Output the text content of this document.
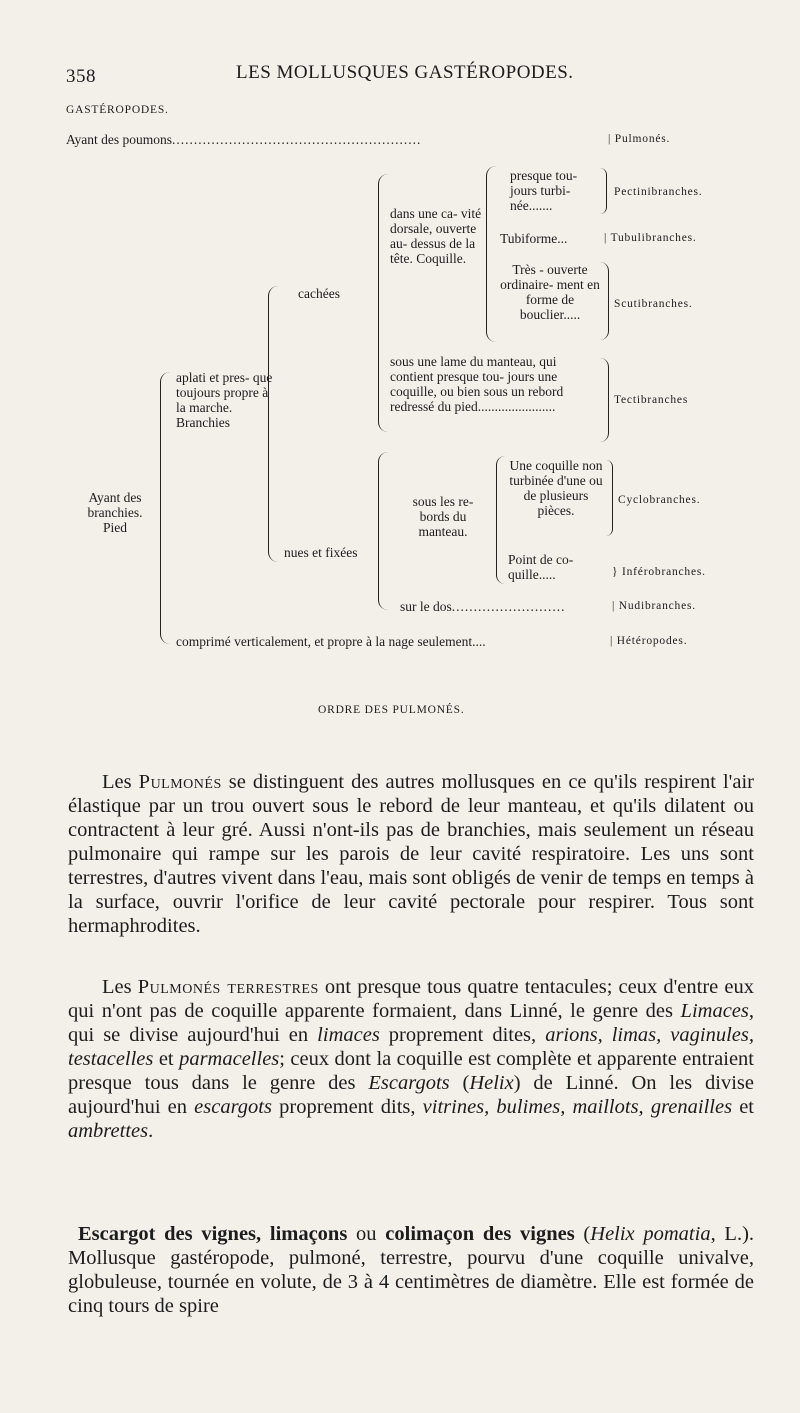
358	LES MOLLUSQUES GASTÉROPODES.
GASTÉROPODES.
Ayant des poumons.........................................................	| Pulmonés.
Ayant des branchies. Pied
aplati et pres- que toujours propre à la marche. Branchies
cachées
nues et fixées
dans une ca- vité dorsale, ouverte au- dessus de la tête. Coquille.
presque tou- jours turbi- née.......
Pectinibranches.
Tubiforme...	| Tubulibranches.
Très - ouverte ordinaire- ment en forme de bouclier.....
Scutibranches.
sous une lame du manteau, qui contient presque tou- jours une coquille, ou bien sous un rebord redressé du pied.......................	Tectibranches
sous les re- bords du manteau.
Une coquille non turbinée d'une ou de plusieurs pièces.
Cyclobranches.
Point de co- quille.....	} Inférobranches.
sur le dos..........................	| Nudibranches.
comprimé verticalement, et propre à la nage seulement....	| Hétéropodes.
ORDRE DES PULMONÉS.

Les Pulmonés se distinguent des autres mollusques en ce qu'ils respirent l'air élastique par un trou ouvert sous le rebord de leur manteau, et qu'ils dilatent ou contractent à leur gré. Aussi n'ont-ils pas de branchies, mais seulement un réseau pulmonaire qui rampe sur les parois de leur cavité respiratoire. Les uns sont terrestres, d'autres vivent dans l'eau, mais sont obligés de venir de temps en temps à la surface, ouvrir l'orifice de leur cavité pectorale pour respirer. Tous sont hermaphrodites.

Les Pulmonés terrestres ont presque tous quatre tentacules; ceux d'entre eux qui n'ont pas de coquille apparente formaient, dans Linné, le genre des Limaces, qui se divise aujourd'hui en limaces proprement dites, arions, limas, vaginules, testacelles et parmacelles; ceux dont la coquille est complète et apparente entraient presque tous dans le genre des Escargots (Helix) de Linné. On les divise aujourd'hui en escargots proprement dits, vitrines, bulimes, maillots, grenailles et ambrettes.

Escargot des vignes, limaçons ou colimaçon des vignes (Helix pomatia, L.). Mollusque gastéropode, pulmoné, terrestre, pourvu d'une coquille univalve, globuleuse, tournée en volute, de 3 à 4 centimètres de diamètre. Elle est formée de cinq tours de spire
